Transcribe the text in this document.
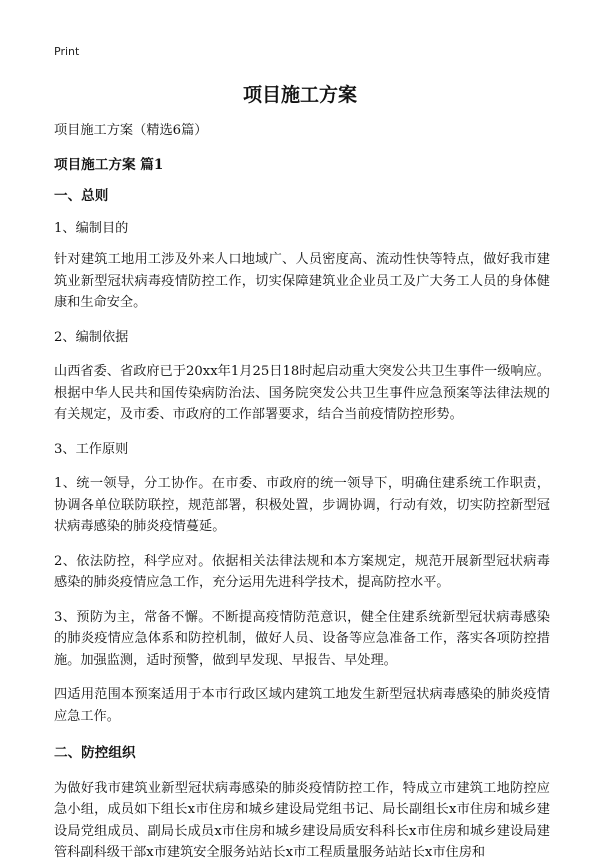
Print
项目施工方案

项目施工方案（精选6篇）

项目施工方案 篇1

一、总则

1、编制目的

针对建筑工地用工涉及外来人口地域广、人员密度高、流动性快等特点，做好我市建筑业新型冠状病毒疫情防控工作，切实保障建筑业企业员工及广大务工人员的身体健康和生命安全。

2、编制依据

山西省委、省政府已于20xx年1月25日18时起启动重大突发公共卫生事件一级响应。根据中华人民共和国传染病防治法、国务院突发公共卫生事件应急预案等法律法规的有关规定，及市委、市政府的工作部署要求，结合当前疫情防控形势。

3、工作原则

1、统一领导，分工协作。在市委、市政府的统一领导下，明确住建系统工作职责，协调各单位联防联控，规范部署，积极处置，步调协调，行动有效，切实防控新型冠状病毒感染的肺炎疫情蔓延。

2、依法防控，科学应对。依据相关法律法规和本方案规定，规范开展新型冠状病毒感染的肺炎疫情应急工作，充分运用先进科学技术，提高防控水平。

3、预防为主，常备不懈。不断提高疫情防范意识，健全住建系统新型冠状病毒感染的肺炎疫情应急体系和防控机制，做好人员、设备等应急准备工作，落实各项防控措施。加强监测，适时预警，做到早发现、早报告、早处理。

四适用范围本预案适用于本市行政区域内建筑工地发生新型冠状病毒感染的肺炎疫情应急工作。

二、防控组织

为做好我市建筑业新型冠状病毒感染的肺炎疫情防控工作，特成立市建筑工地防控应急小组，成员如下组长x市住房和城乡建设局党组书记、局长副组长x市住房和城乡建设局党组成员、副局长成员x市住房和城乡建设局质安科科长x市住房和城乡建设局建管科副科级干部x市建筑安全服务站站长x市工程质量服务站站长x市住房和
